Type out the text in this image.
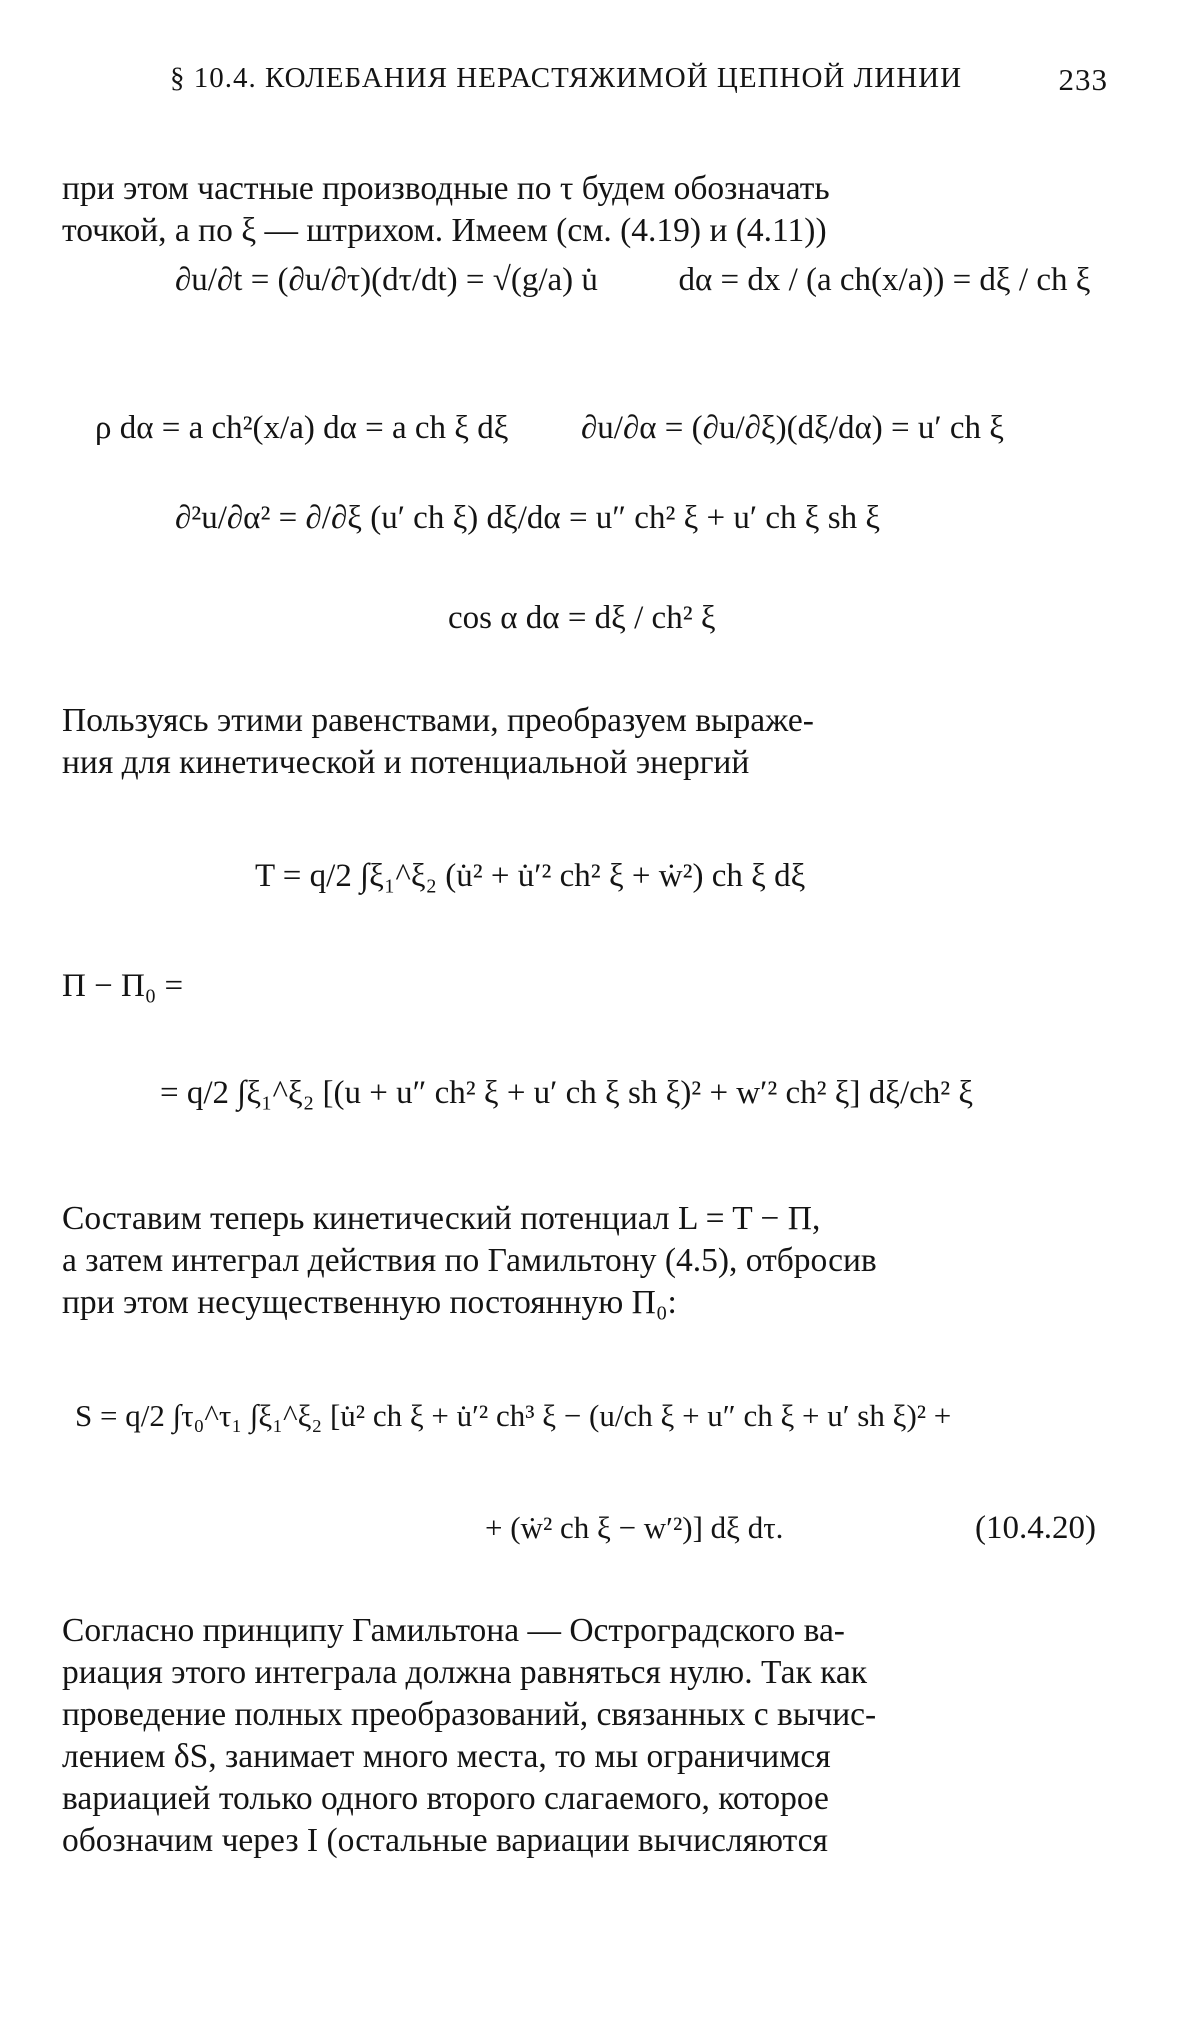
§ 10.4. КОЛЕБАНИЯ НЕРАСТЯЖИМОЙ ЦЕПНОЙ ЛИНИИ	233
при этом частные производные по τ будем обозначать
точкой, а по ξ — штрихом. Имеем (см. (4.19) и (4.11))
∂u/∂t = (∂u/∂τ)(dτ/dt) = √(g/a) u̇ dα = dx / (a ch(x/a)) = dξ / ch ξ
ρ dα = a ch²(x/a) dα = a ch ξ dξ ∂u/∂α = (∂u/∂ξ)(dξ/dα) = u′ ch ξ
∂²u/∂α² = ∂/∂ξ (u′ ch ξ) dξ/dα = u″ ch² ξ + u′ ch ξ sh ξ
cos α dα = dξ / ch² ξ
Пользуясь этими равенствами, преобразуем выраже-
ния для кинетической и потенциальной энергий
T = q/2 ∫ξ₁^ξ₂ (u̇² + u̇′² ch² ξ + ẇ²) ch ξ dξ
Π − Π₀ =
= q/2 ∫ξ₁^ξ₂ [(u + u″ ch² ξ + u′ ch ξ sh ξ)² + w′² ch² ξ] dξ/ch² ξ
Составим теперь кинетический потенциал L = T − Π,
а затем интеграл действия по Гамильтону (4.5), отбросив
при этом несущественную постоянную Π₀:
S = q/2 ∫τ₀^τ₁ ∫ξ₁^ξ₂ [u̇² ch ξ + u̇′² ch³ ξ − (u/ch ξ + u″ ch ξ + u′ sh ξ)² +
+ (ẇ² ch ξ − w′²)] dξ dτ.	(10.4.20)
Согласно принципу Гамильтона — Остроградского ва-
риация этого интеграла должна равняться нулю. Так как
проведение полных преобразований, связанных с вычис-
лением δS, занимает много места, то мы ограничимся
вариацией только одного второго слагаемого, которое
обозначим через I (остальные вариации вычисляются
